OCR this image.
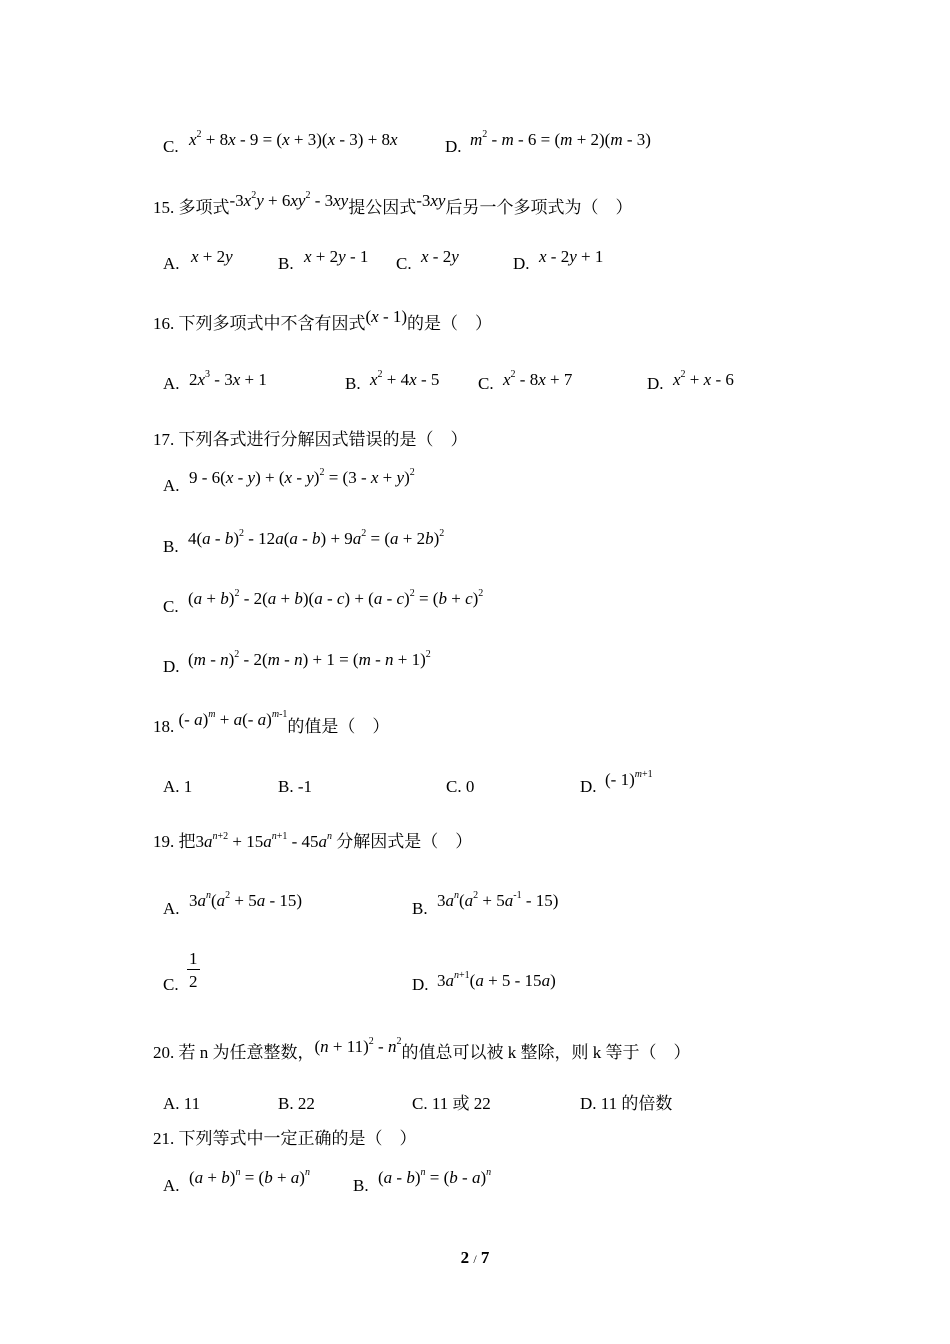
C. $x^2 + 8x - 9 = (x + 3)(x - 3) + 8x$	D. $m^2 - m - 6 = (m + 2)(m - 3)$
15. 多项式$-3x^2y + 6xy^2 - 3xy$提公因式-3xy后另一个多项式为（　）
A. x + 2y	B. x + 2y - 1 C. x - 2y	D. x - 2y + 1
16. 下列多项式中不含有因式(x - 1)的是（　）
A. $2x^3 - 3x + 1$	B. $x^2 + 4x - 5$ C. $x^2 - 8x + 7$	D. $x^2 + x - 6$
17. 下列各式进行分解因式错误的是（　）
A. $9 - 6(x - y) + (x - y)^2 = (3 - x + y)^2$
B. $4(a - b)^2 - 12a(a - b) + 9a^2 = (a + 2b)^2$
C. $(a + b)^2 - 2(a + b)(a - c) + (a - c)^2 = (b + c)^2$
D. $(m - n)^2 - 2(m - n) + 1 = (m - n + 1)^2$
18. (- a)$^m$ + a(- a)$^{m-1}$的值是（　）
A. 1	B. -1	C. 0	D. (- 1)$^{m+1}$
19. 把$3a^{n+2} + 15a^{n+1} - 45a^n$ 分解因式是（　）
A. $3a^n(a^2 + 5a - 15)$	B. $3a^n(a^2 + 5a^{-1} - 15)$
C. $\frac{1}{2}$	D. $3a^{n+1}(a + 5 - 15a)$
20. 若 n 为任意整数，$(n + 11)^2 - n^2$的值总可以被 k 整除，则 k 等于（　）
A. 11	B. 22	C. 11 或 22	D. 11 的倍数
21. 下列等式中一定正确的是（　）
A. $(a + b)^n = (b + a)^n$
B. (a - b)$^n$ = (b - a)$^n$
2 / 7
